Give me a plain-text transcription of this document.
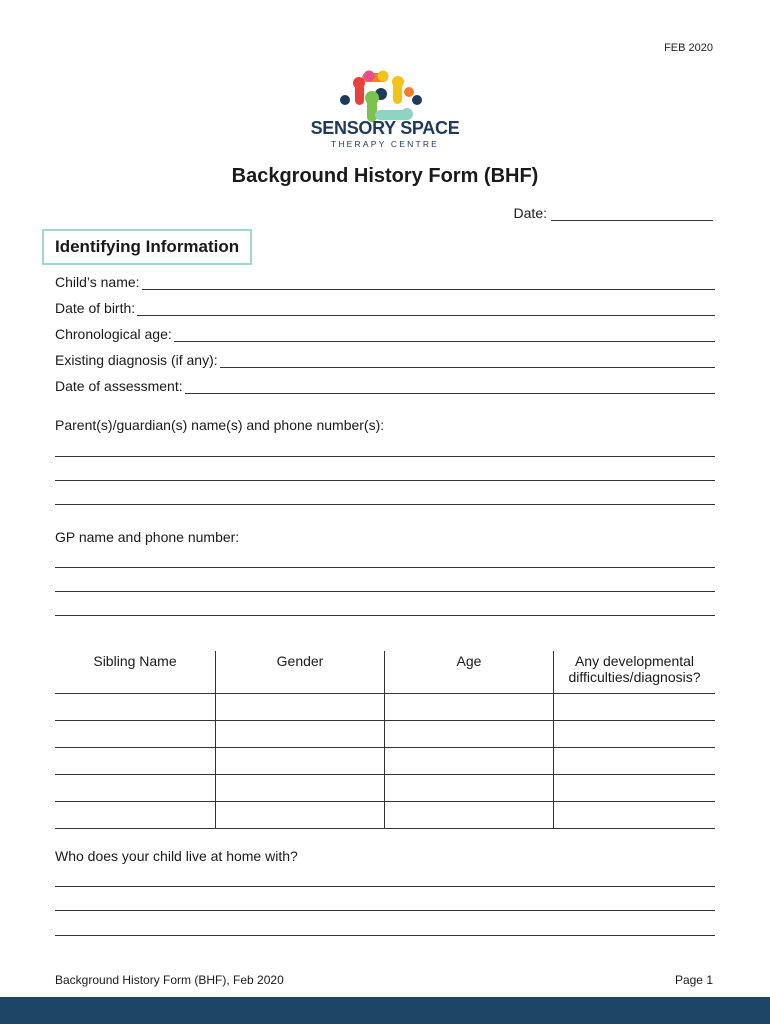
FEB 2020
SENSORY SPACE
THERAPY CENTRE
Background History Form (BHF)
Date:
Identifying Information
Child’s name:
Date of birth:
Chronological age:
Existing diagnosis (if any):
Date of assessment:
Parent(s)/guardian(s) name(s) and phone number(s):
GP name and phone number:
Sibling Name	Gender	Age	Any developmental difficulties/diagnosis?

Who does your child live at home with?
Background History Form (BHF), Feb 2020	Page 1
